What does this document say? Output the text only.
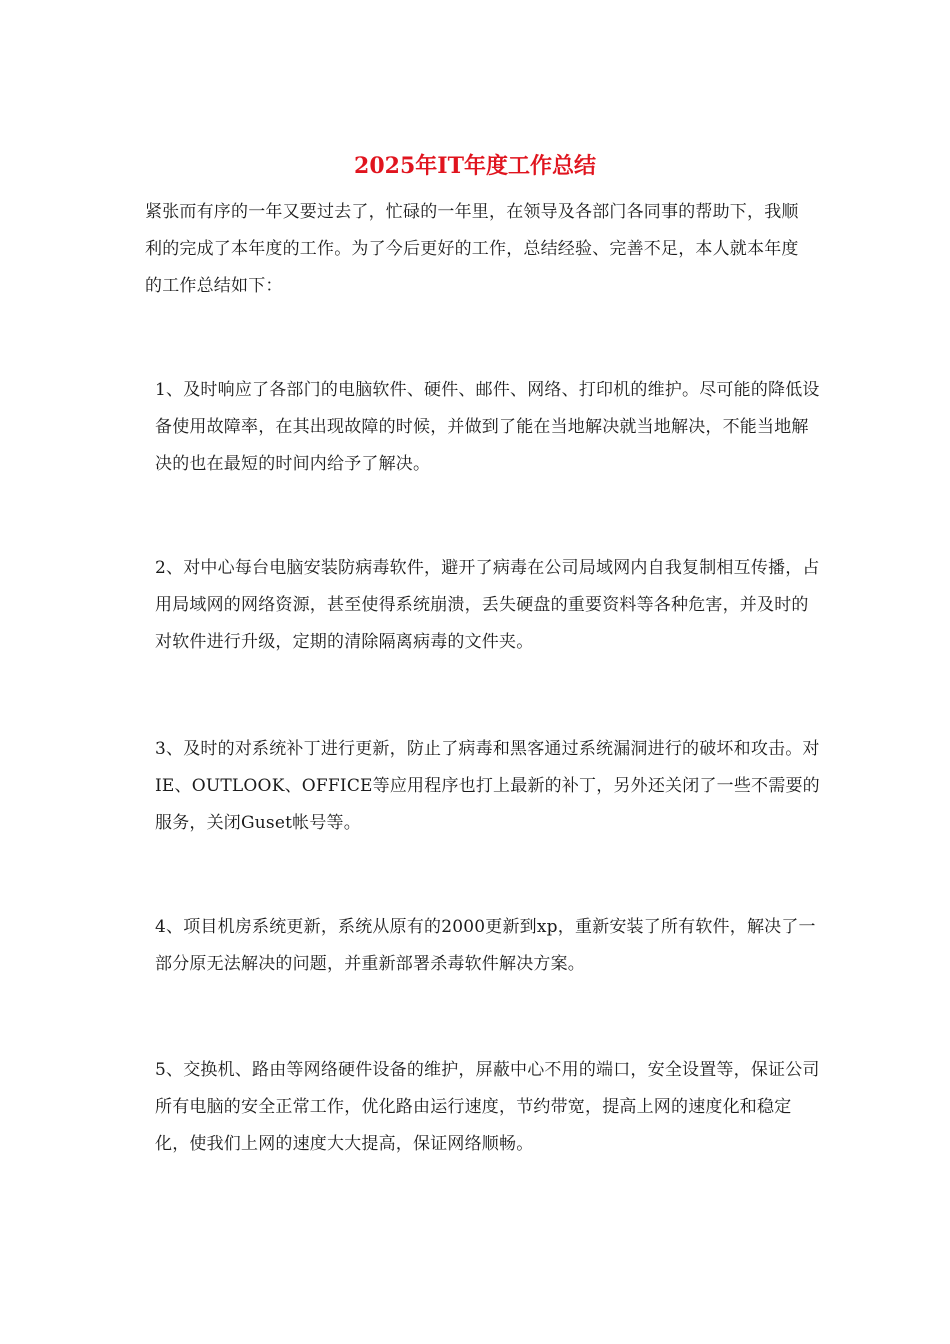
2025年IT年度工作总结

紧张而有序的一年又要过去了，忙碌的一年里，在领导及各部门各同事的帮助下，我顺利的完成了本年度的工作。为了今后更好的工作，总结经验、完善不足，本人就本年度的工作总结如下：

1、及时响应了各部门的电脑软件、硬件、邮件、网络、打印机的维护。尽可能的降低设备使用故障率，在其出现故障的时候，并做到了能在当地解决就当地解决，不能当地解决的也在最短的时间内给予了解决。

2、对中心每台电脑安装防病毒软件，避开了病毒在公司局域网内自我复制相互传播，占用局域网的网络资源，甚至使得系统崩溃，丢失硬盘的重要资料等各种危害，并及时的对软件进行升级，定期的清除隔离病毒的文件夹。

3、及时的对系统补丁进行更新，防止了病毒和黑客通过系统漏洞进行的破坏和攻击。对IE、OUTLOOK、OFFICE等应用程序也打上最新的补丁，另外还关闭了一些不需要的服务，关闭Guset帐号等。

4、项目机房系统更新，系统从原有的2000更新到xp，重新安装了所有软件，解决了一部分原无法解决的问题，并重新部署杀毒软件解决方案。

5、交换机、路由等网络硬件设备的维护，屏蔽中心不用的端口，安全设置等，保证公司所有电脑的安全正常工作，优化路由运行速度，节约带宽，提高上网的速度化和稳定化，使我们上网的速度大大提高，保证网络顺畅。
